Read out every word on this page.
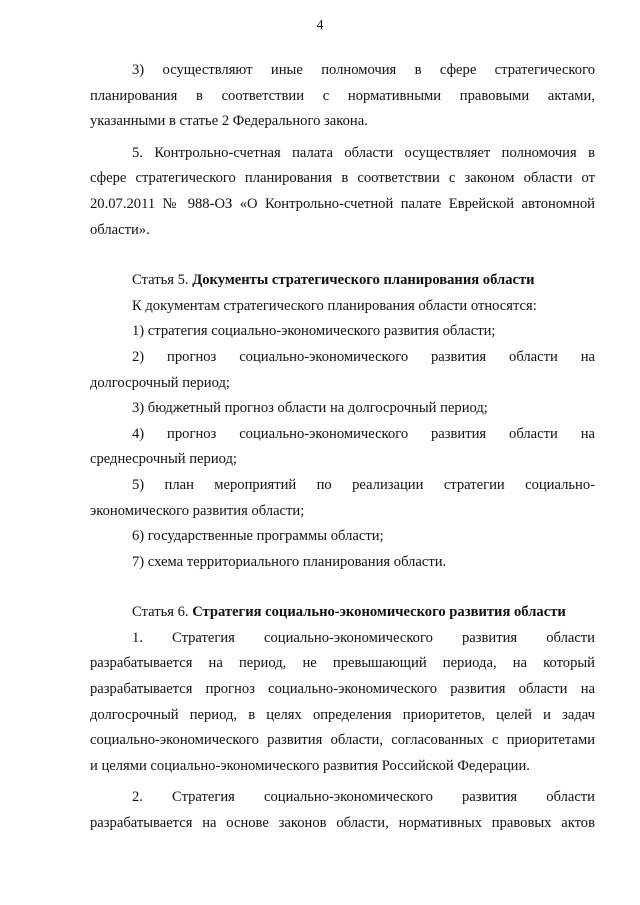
4
3) осуществляют иные полномочия в сфере стратегического
планирования в соответствии с нормативными правовыми актами,
указанными в статье 2 Федерального закона.
5. Контрольно-счетная палата области осуществляет полномочия в
сфере стратегического планирования в соответствии с законом области от
20.07.2011 № 988-ОЗ «О Контрольно-счетной палате Еврейской автономной
области».
Статья 5. Документы стратегического планирования области
К документам стратегического планирования области относятся:
1) стратегия социально-экономического развития области;
2) прогноз социально-экономического развития области на
долгосрочный период;
3) бюджетный прогноз области на долгосрочный период;
4) прогноз социально-экономического развития области на
среднесрочный период;
5) план мероприятий по реализации стратегии социально-
экономического развития области;
6) государственные программы области;
7) схема территориального планирования области.
Статья 6. Стратегия социально-экономического развития области
1. Стратегия социально-экономического развития области
разрабатывается на период, не превышающий периода, на который
разрабатывается прогноз социально-экономического развития области на
долгосрочный период, в целях определения приоритетов, целей и задач
социально-экономического развития области, согласованных с приоритетами
и целями социально-экономического развития Российской Федерации.
2. Стратегия социально-экономического развития области
разрабатывается на основе законов области, нормативных правовых актов
